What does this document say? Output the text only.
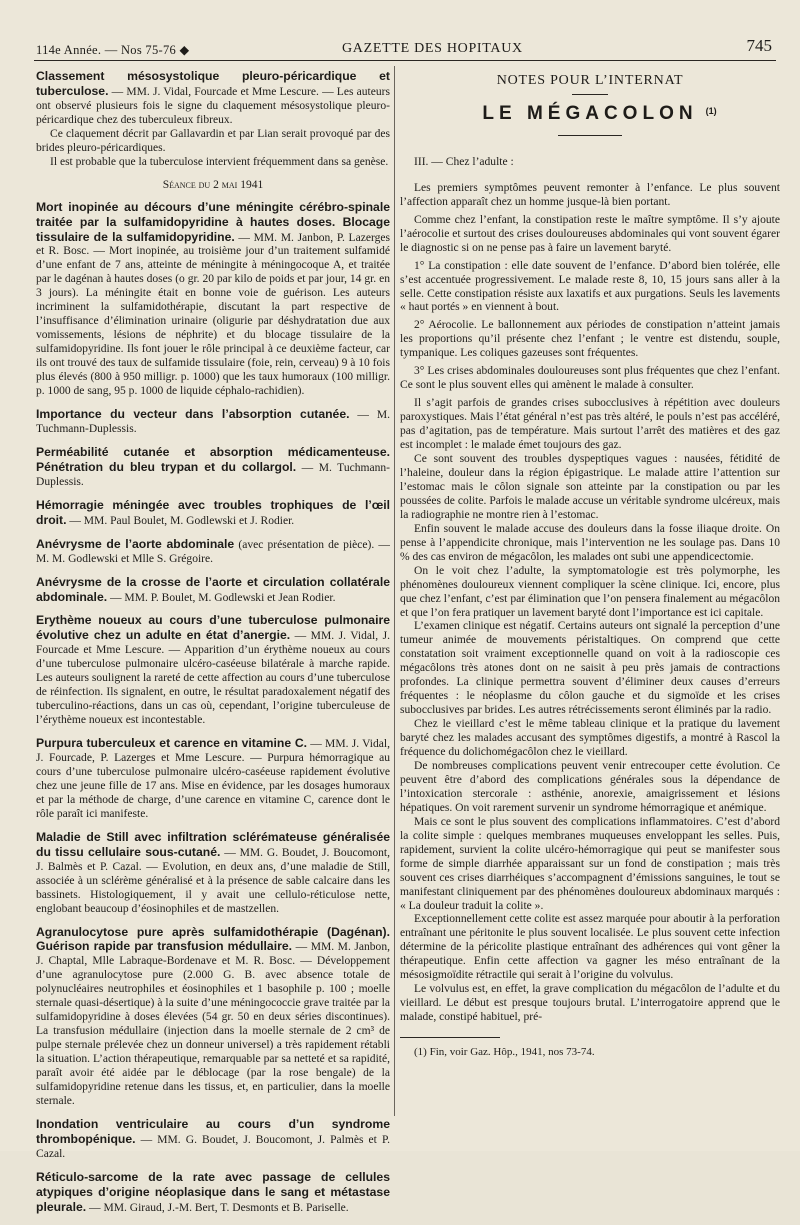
114e Année. — Nos 75-76 ◆	GAZETTE DES HOPITAUX	745

Classement mésosystolique pleuro-péricardique et tuberculose. — MM. J. Vidal, Fourcade et Mme Lescure. — Les auteurs ont observé plusieurs fois le signe du claquement mésosystolique pleuro-péricardique chez des tuberculeux fibreux.

Ce claquement décrit par Gallavardin et par Lian serait provoqué par des brides pleuro-péricardiques.

Il est probable que la tuberculose intervient fréquemment dans sa genèse.

Séance du 2 mai 1941

Mort inopinée au décours d’une méningite cérébro-spinale traitée par la sulfamidopyridine à hautes doses. Blocage tissulaire de la sulfamidopyridine. — MM. M. Janbon, P. Lazerges et R. Bosc. — Mort inopinée, au troisième jour d’un traitement sulfamidé d’une enfant de 7 ans, atteinte de méningite à méningocoque A, et traitée par le dagénan à hautes doses (o gr. 20 par kilo de poids et par jour, 14 gr. en 3 jours). La méningite était en bonne voie de guérison. Les auteurs incriminent la sulfamidothérapie, discutant la part respective de l’insuffisance d’élimination urinaire (oligurie par déshydratation due aux vomissements, lésions de néphrite) et du blocage tissulaire de la sulfamidopyridine. Ils font jouer le rôle principal à ce deuxième facteur, car ils ont trouvé des taux de sulfamide tissulaire (foie, rein, cerveau) 9 à 10 fois plus élevés (800 à 950 milligr. p. 1000) que les taux humoraux (100 milligr. p. 1000 de sang, 95 p. 1000 de liquide céphalo-rachidien).

Importance du vecteur dans l’absorption cutanée. — M. Tuchmann-Duplessis.

Perméabilité cutanée et absorption médicamenteuse. Pénétration du bleu trypan et du collargol. — M. Tuchmann-Duplessis.

Hémorragie méningée avec troubles trophiques de l’œil droit. — MM. Paul Boulet, M. Godlewski et J. Rodier.

Anévrysme de l’aorte abdominale (avec présentation de pièce). — M. M. Godlewski et Mlle S. Grégoire.

Anévrysme de la crosse de l’aorte et circulation collatérale abdominale. — MM. P. Boulet, M. Godlewski et Jean Rodier.

Erythème noueux au cours d’une tuberculose pulmonaire évolutive chez un adulte en état d’anergie. — MM. J. Vidal, J. Fourcade et Mme Lescure. — Apparition d’un érythème noueux au cours d’une tuberculose pulmonaire ulcéro-caséeuse bilatérale à marche rapide. Les auteurs soulignent la rareté de cette affection au cours d’une tuberculose de réinfection. Ils signalent, en outre, le résultat paradoxalement négatif des tuberculino-réactions, dans un cas où, cependant, l’origine tuberculeuse de l’érythème noueux est incontestable.

Purpura tuberculeux et carence en vitamine C. — MM. J. Vidal, J. Fourcade, P. Lazerges et Mme Lescure. — Purpura hémorragique au cours d’une tuberculose pulmonaire ulcéro-caséeuse rapidement évolutive chez une jeune fille de 17 ans. Mise en évidence, par les dosages humoraux et par la méthode de charge, d’une carence en vitamine C, carence dont le rôle paraît ici manifeste.

Maladie de Still avec infiltration sclérémateuse généralisée du tissu cellulaire sous-cutané. — MM. G. Boudet, J. Boucomont, J. Balmès et P. Cazal. — Evolution, en deux ans, d’une maladie de Still, associée à un sclérème généralisé et à la présence de sable calcaire dans les bassinets. Histologiquement, il y avait une cellulo-réticulose nette, englobant beaucoup d’éosinophiles et de mastzellen.

Agranulocytose pure après sulfamidothérapie (Dagénan). Guérison rapide par transfusion médullaire. — MM. M. Janbon, J. Chaptal, Mlle Labraque-Bordenave et M. R. Bosc. — Développement d’une agranulocytose pure (2.000 G. B. avec absence totale de polynucléaires neutrophiles et éosinophiles et 1 basophile p. 100 ; moelle sternale quasi-désertique) à la suite d’une méningococcie grave traitée par la sulfamidopyridine à doses élevées (54 gr. 50 en deux séries discontinues). La transfusion médullaire (injection dans la moelle sternale de 2 cm³ de pulpe sternale prélevée chez un donneur universel) a très rapidement rétabli la situation. L’action thérapeutique, remarquable par sa netteté et sa rapidité, paraît avoir été aidée par le déblocage (par la rose bengale) de la sulfamidopyridine retenue dans les tissus, et, en particulier, dans la moelle sternale.

Inondation ventriculaire au cours d’un syndrome thrombopénique. — MM. G. Boudet, J. Boucomont, J. Palmès et P. Cazal.

Réticulo-sarcome de la rate avec passage de cellules atypiques d’origine néoplasique dans le sang et métastase pleurale. — MM. Giraud, J.-M. Bert, T. Desmonts et B. Pariselle.

NOTES POUR L’INTERNAT

LE MÉGACOLON (1)

III. — Chez l’adulte :

Les premiers symptômes peuvent remonter à l’enfance. Le plus souvent l’affection apparaît chez un homme jusque-là bien portant.

Comme chez l’enfant, la constipation reste le maître symptôme. Il s’y ajoute l’aérocolie et surtout des crises douloureuses abdominales qui vont souvent égarer le diagnostic si on ne pense pas à faire un lavement baryté.

1° La constipation : elle date souvent de l’enfance. D’abord bien tolérée, elle s’est accentuée progressivement. Le malade reste 8, 10, 15 jours sans aller à la selle. Cette constipation résiste aux laxatifs et aux purgations. Seuls les lavements « haut portés » en viennent à bout.

2° Aérocolie. Le ballonnement aux périodes de constipation n’atteint jamais les proportions qu’il présente chez l’enfant ; le ventre est distendu, souple, tympanique. Les coliques gazeuses sont fréquentes.

3° Les crises abdominales douloureuses sont plus fréquentes que chez l’enfant. Ce sont le plus souvent elles qui amènent le malade à consulter.

Il s’agit parfois de grandes crises subocclusives à répétition avec douleurs paroxystiques. Mais l’état général n’est pas très altéré, le pouls n’est pas accéléré, pas d’agitation, pas de température. Mais surtout l’arrêt des matières et des gaz est incomplet : le malade émet toujours des gaz.

Ce sont souvent des troubles dyspeptiques vagues : nausées, fétidité de l’haleine, douleur dans la région épigastrique. Le malade attire l’attention sur l’estomac mais le côlon signale son atteinte par la constipation ou par les poussées de colite. Parfois le malade accuse un véritable syndrome ulcéreux, mais la radiographie ne montre rien à l’estomac.

Enfin souvent le malade accuse des douleurs dans la fosse iliaque droite. On pense à l’appendicite chronique, mais l’intervention ne les soulage pas. Dans 10 % des cas environ de mégacôlon, les malades ont subi une appendicectomie.

On le voit chez l’adulte, la symptomatologie est très polymorphe, les phénomènes douloureux viennent compliquer la scène clinique. Ici, encore, plus que chez l’enfant, c’est par élimination que l’on pensera finalement au mégacôlon et que l’on fera pratiquer un lavement baryté dont l’importance est ici capitale.

L’examen clinique est négatif. Certains auteurs ont signalé la perception d’une tumeur animée de mouvements péristaltiques. On comprend que cette constatation soit vraiment exceptionnelle quand on voit à la radioscopie ces mégacôlons très atones dont on ne saisit à peu près jamais de contractions profondes. La clinique permettra souvent d’éliminer deux causes d’erreurs fréquentes : le néoplasme du côlon gauche et du sigmoïde et les crises subocclusives par brides. Les autres rétrécissements seront éliminés par la radio.

Chez le vieillard c’est le même tableau clinique et la pratique du lavement baryté chez les malades accusant des symptômes digestifs, a montré à Rascol la fréquence du dolichomégacôlon chez le vieillard.

De nombreuses complications peuvent venir entrecouper cette évolution. Ce peuvent être d’abord des complications générales sous la dépendance de l’intoxication stercorale : asthénie, anorexie, amaigrissement et lésions hépatiques. On voit rarement survenir un syndrome hémorragique et anémique.

Mais ce sont le plus souvent des complications inflammatoires. C’est d’abord la colite simple : quelques membranes muqueuses enveloppant les selles. Puis, rapidement, survient la colite ulcéro-hémorragique qui peut se manifester sous forme de simple diarrhée apparaissant sur un fond de constipation ; mais très souvent ces crises diarrhéiques s’accompagnent d’émissions sanguines, le tout se manifestant cliniquement par des phénomènes douloureux abdominaux marqués : « La douleur traduit la colite ».

Exceptionnellement cette colite est assez marquée pour aboutir à la perforation entraînant une péritonite le plus souvent localisée. Le plus souvent cette infection détermine de la péricolite plastique entraînant des adhérences qui vont gêner la thérapeutique. Enfin cette affection va gagner les méso entraînant de la mésosigmoïdite rétractile qui serait à l’origine du volvulus.

Le volvulus est, en effet, la grave complication du mégacôlon de l’adulte et du vieillard. Le début est presque toujours brutal. L’interrogatoire apprend que le malade, constipé habituel, pré-

(1) Fin, voir Gaz. Hôp., 1941, nos 73-74.
